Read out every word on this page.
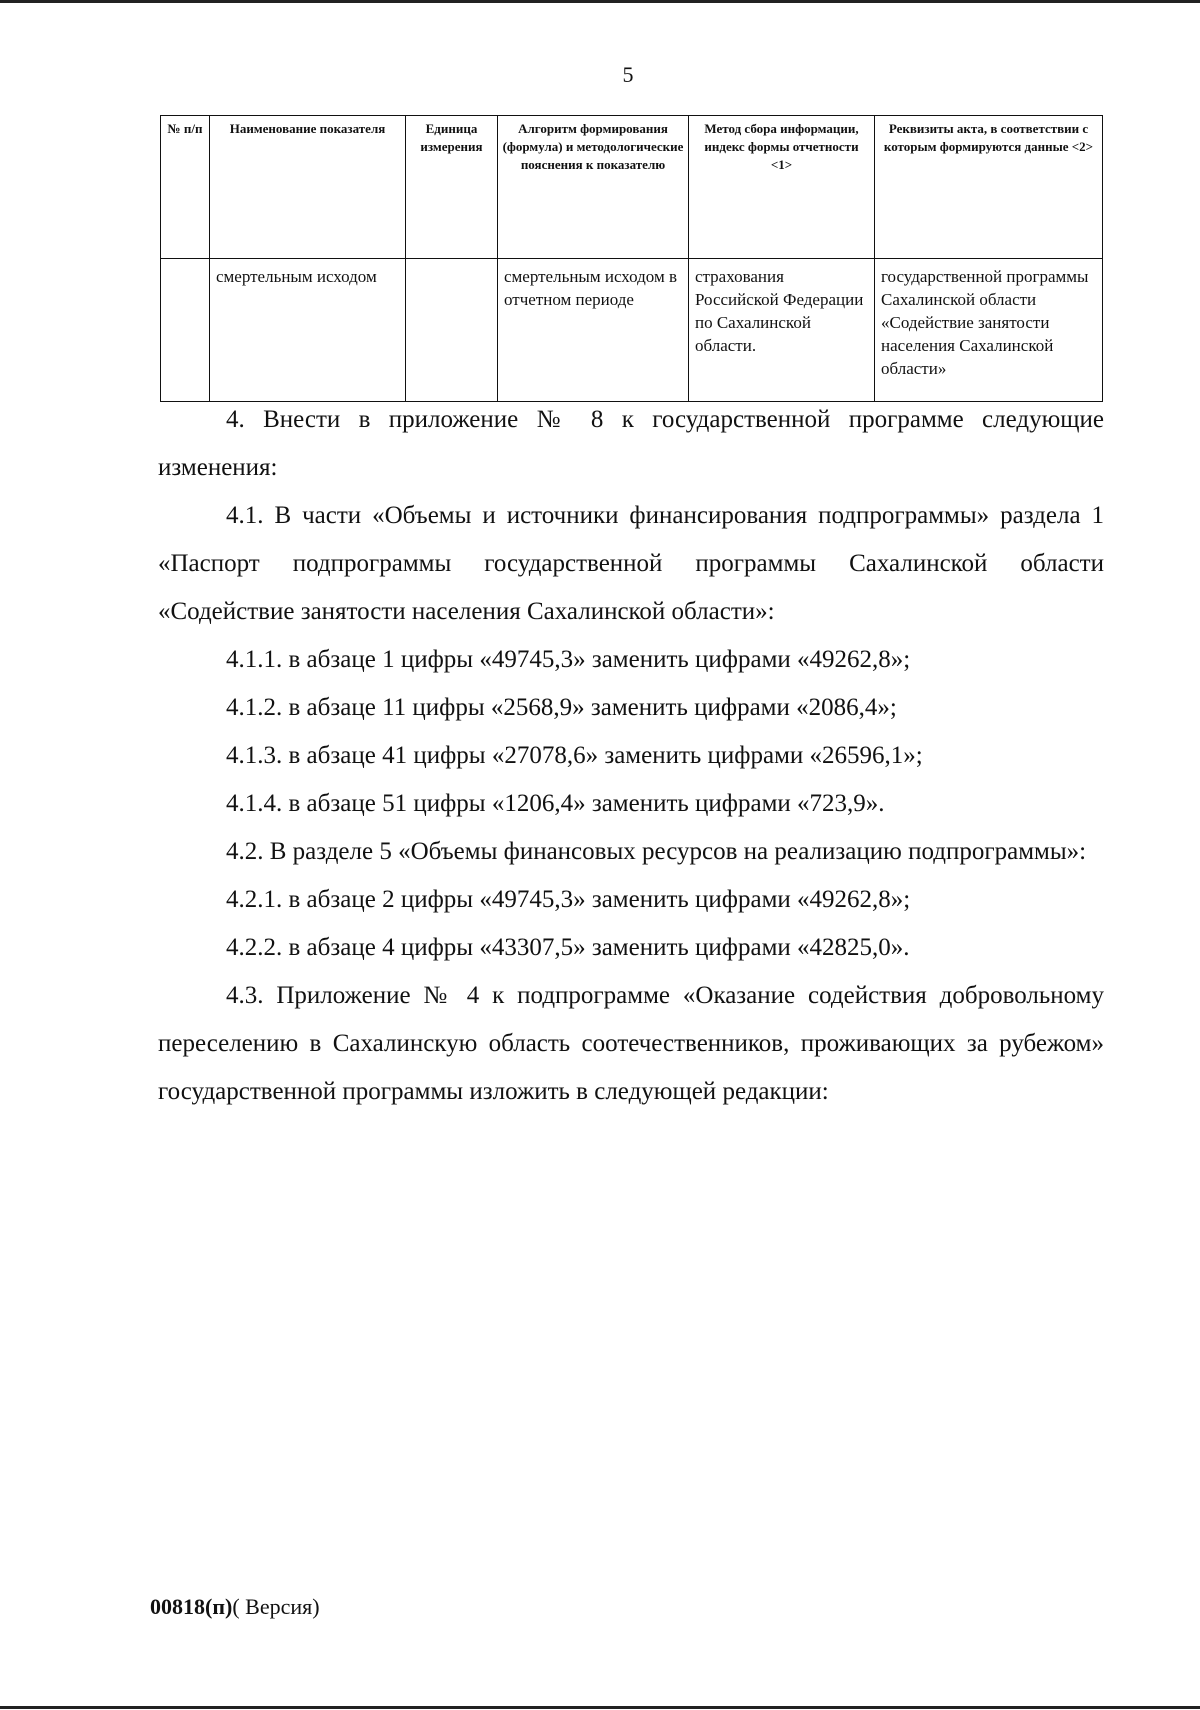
5
№ п/п	Наименование показателя	Единица измерения	Алгоритм формирования (формула) и методологические пояснения к показателю	Метод сбора информации, индекс формы отчетности <1>	Реквизиты акта, в соответствии с которым формируются данные <2>
	смертельным исходом		смертельным исходом в отчетном периоде	страхования Российской Федерации по Сахалинской области.	государственной программы Сахалинской области «Содействие занятости населения Сахалинской области»

4. Внести в приложение № 8 к государственной программе следующие изменения:

4.1. В части «Объемы и источники финансирования подпрограммы» раздела 1 «Паспорт подпрограммы государственной программы Сахалинской области «Содействие занятости населения Сахалинской области»:

4.1.1. в абзаце 1 цифры «49745,3» заменить цифрами «49262,8»;

4.1.2. в абзаце 11 цифры «2568,9» заменить цифрами «2086,4»;

4.1.3. в абзаце 41 цифры «27078,6» заменить цифрами «26596,1»;

4.1.4. в абзаце 51 цифры «1206,4» заменить цифрами «723,9».

4.2. В разделе 5 «Объемы финансовых ресурсов на реализацию подпрограммы»:

4.2.1. в абзаце 2 цифры «49745,3» заменить цифрами «49262,8»;

4.2.2. в абзаце 4 цифры «43307,5» заменить цифрами «42825,0».

4.3. Приложение № 4 к подпрограмме «Оказание содействия добровольному переселению в Сахалинскую область соотечественников, проживающих за рубежом» государственной программы изложить в следующей редакции:

00818(п)( Версия)
